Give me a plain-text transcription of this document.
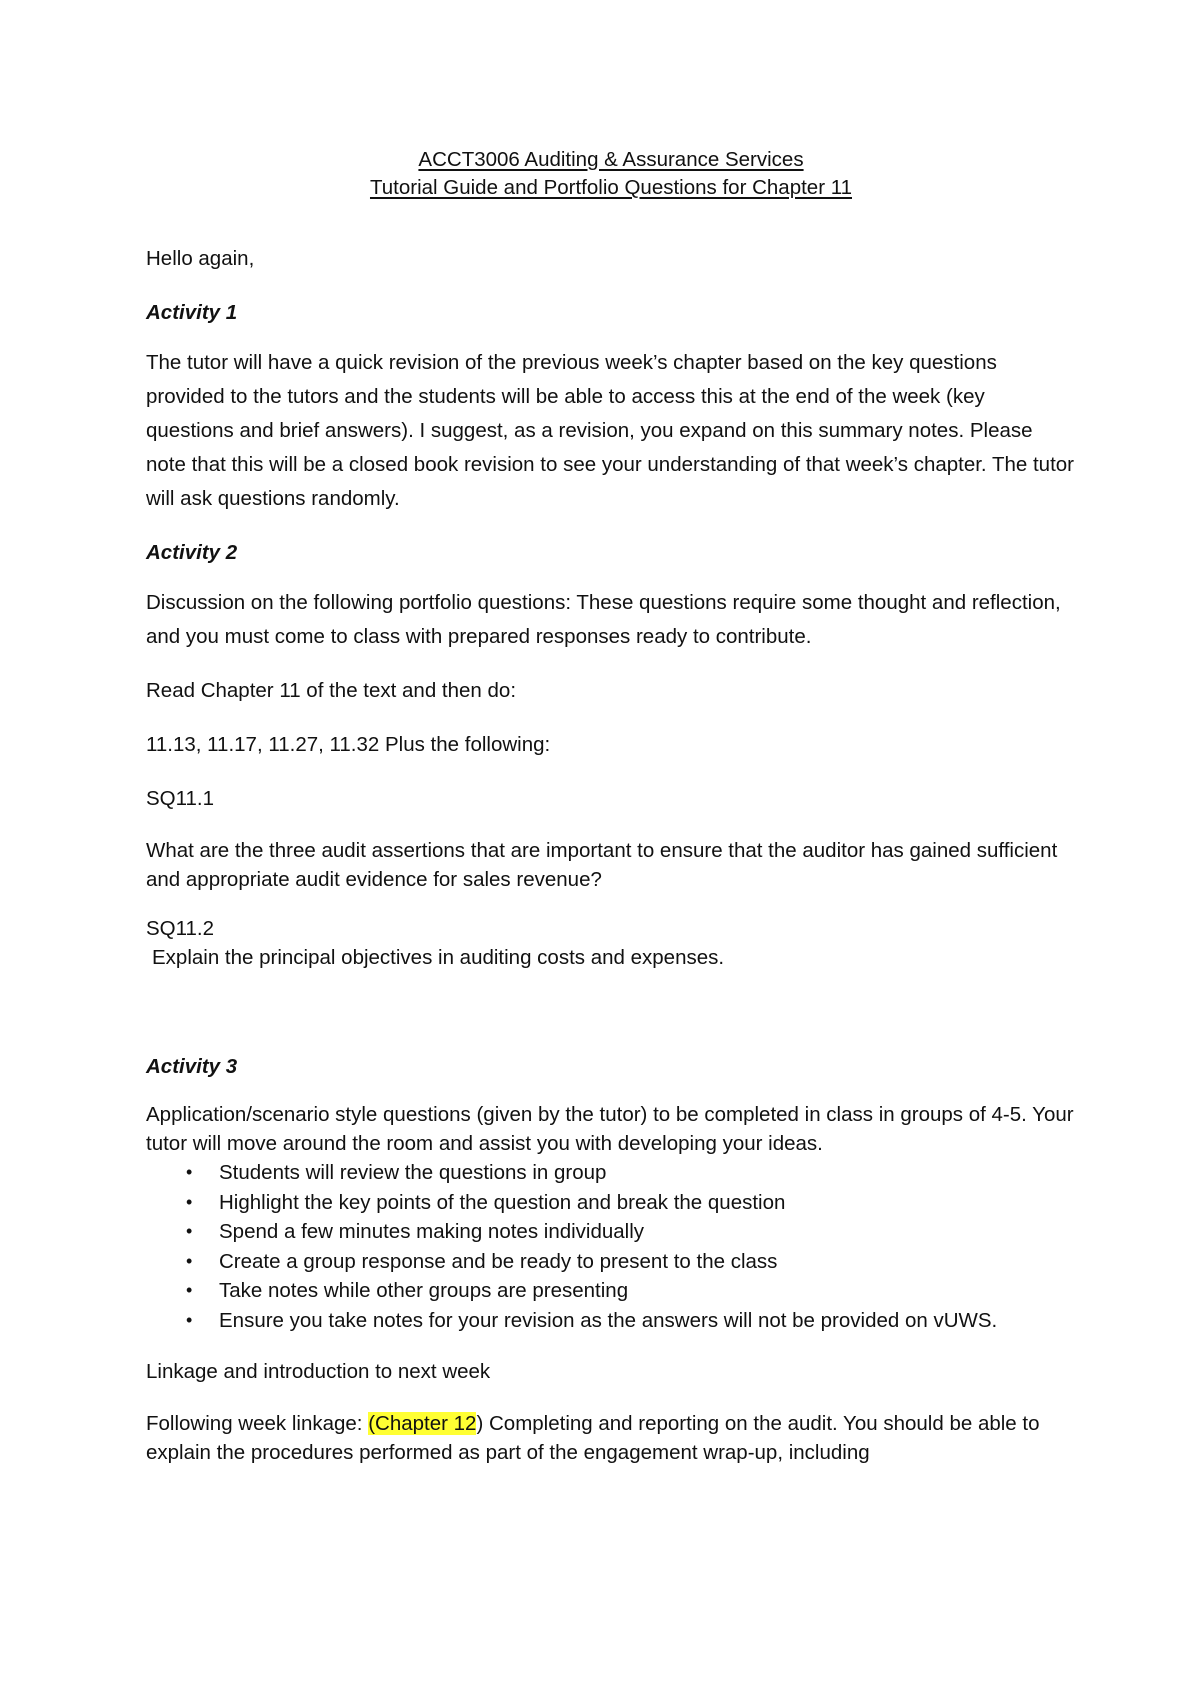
ACCT3006 Auditing & Assurance Services
Tutorial Guide and Portfolio Questions for Chapter 11

Hello again,

Activity 1

The tutor will have a quick revision of the previous week’s chapter based on the key questions provided to the tutors and the students will be able to access this at the end of the week (key questions and brief answers). I suggest, as a revision, you expand on this summary notes. Please note that this will be a closed book revision to see your understanding of that week’s chapter. The tutor will ask questions randomly.

Activity 2

Discussion on the following portfolio questions: These questions require some thought and reflection, and you must come to class with prepared responses ready to contribute.

Read Chapter 11 of the text and then do:

11.13, 11.17, 11.27, 11.32 Plus the following:

SQ11.1

What are the three audit assertions that are important to ensure that the auditor has gained sufficient and appropriate audit evidence for sales revenue?

SQ11.2

Explain the principal objectives in auditing costs and expenses.

Activity 3

Application/scenario style questions (given by the tutor) to be completed in class in groups of 4-5. Your tutor will move around the room and assist you with developing your ideas.

•	Students will review the questions in group
•	Highlight the key points of the question and break the question
•	Spend a few minutes making notes individually
•	Create a group response and be ready to present to the class
•	Take notes while other groups are presenting
•	Ensure you take notes for your revision as the answers will not be provided on vUWS.

Linkage and introduction to next week

Following week linkage: (Chapter 12) Completing and reporting on the audit. You should be able to explain the procedures performed as part of the engagement wrap-up, including
